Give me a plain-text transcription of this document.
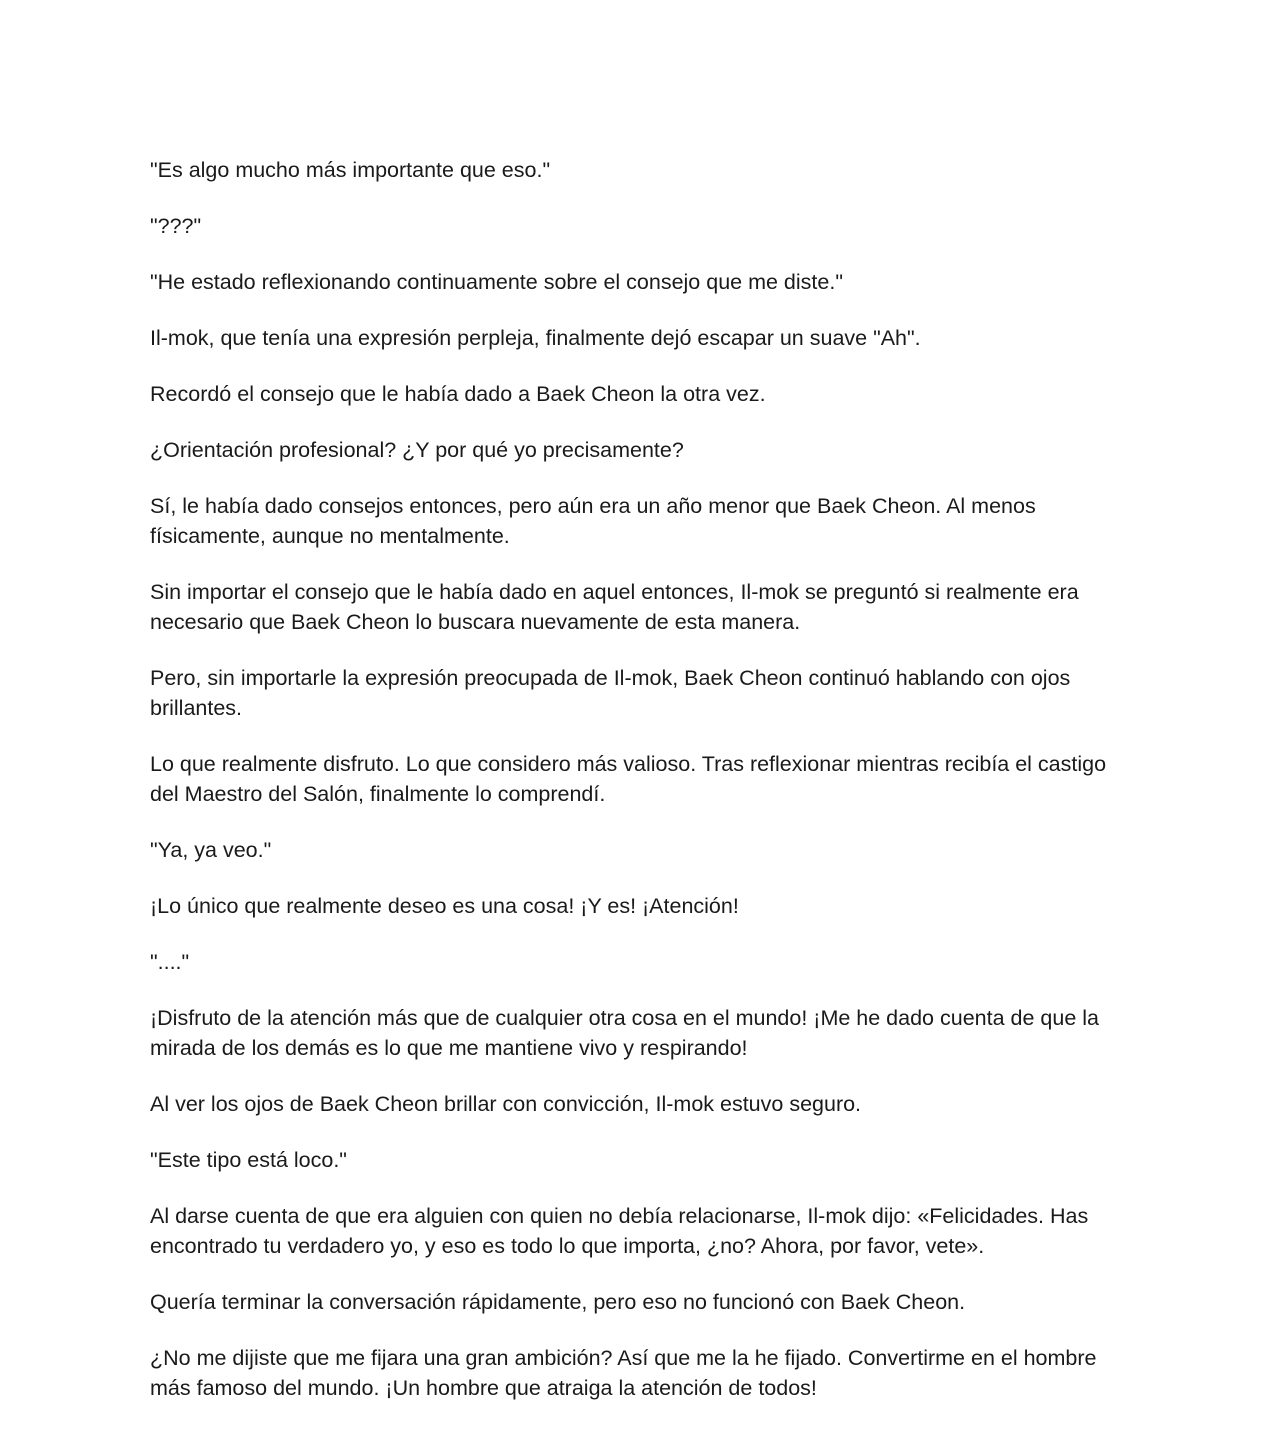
"Es algo mucho más importante que eso."

"???"

"He estado reflexionando continuamente sobre el consejo que me diste."

Il-mok, que tenía una expresión perpleja, finalmente dejó escapar un suave "Ah".

Recordó el consejo que le había dado a Baek Cheon la otra vez.

¿Orientación profesional? ¿Y por qué yo precisamente?

Sí, le había dado consejos entonces, pero aún era un año menor que Baek Cheon. Al menos físicamente, aunque no mentalmente.

Sin importar el consejo que le había dado en aquel entonces, Il-mok se preguntó si realmente era necesario que Baek Cheon lo buscara nuevamente de esta manera.

Pero, sin importarle la expresión preocupada de Il-mok, Baek Cheon continuó hablando con ojos brillantes.

Lo que realmente disfruto. Lo que considero más valioso. Tras reflexionar mientras recibía el castigo del Maestro del Salón, finalmente lo comprendí.

"Ya, ya veo."

¡Lo único que realmente deseo es una cosa! ¡Y es! ¡Atención!

"...."

¡Disfruto de la atención más que de cualquier otra cosa en el mundo! ¡Me he dado cuenta de que la mirada de los demás es lo que me mantiene vivo y respirando!

Al ver los ojos de Baek Cheon brillar con convicción, Il-mok estuvo seguro.

"Este tipo está loco."

Al darse cuenta de que era alguien con quien no debía relacionarse, Il-mok dijo: «Felicidades. Has encontrado tu verdadero yo, y eso es todo lo que importa, ¿no? Ahora, por favor, vete».

Quería terminar la conversación rápidamente, pero eso no funcionó con Baek Cheon.

¿No me dijiste que me fijara una gran ambición? Así que me la he fijado. Convertirme en el hombre más famoso del mundo. ¡Un hombre que atraiga la atención de todos!
